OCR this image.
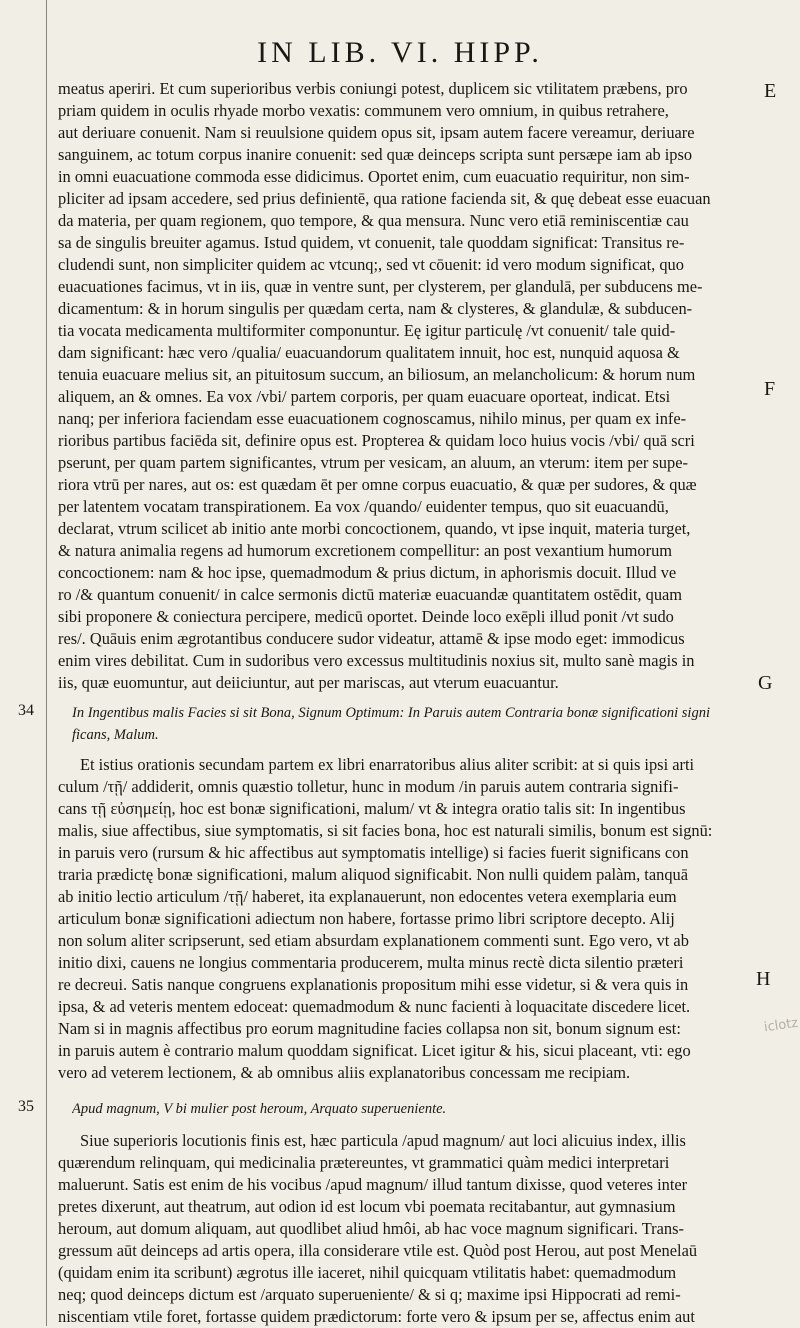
IN LIB. VI. HIPP.
meatus aperiri. Et cum superioribus verbis coniungi potest, duplicem sic vtilitatem præbens, pro
priam quidem in oculis rhyade morbo vexatis: communem vero omnium, in quibus retrahere,
aut deriuare conuenit. Nam si reuulsione quidem opus sit, ipsam autem facere vereamur, deriuare
sanguinem, ac totum corpus inanire conuenit: sed quæ deinceps scripta sunt persæpe iam ab ipso
in omni euacuatione commoda esse didicimus. Oportet enim, cum euacuatio requiritur, non sim-
pliciter ad ipsam accedere, sed prius definientē, qua ratione facienda sit, & quę debeat esse euacuan
da materia, per quam regionem, quo tempore, & qua mensura. Nunc vero etiā reminiscentiæ cau
sa de singulis breuiter agamus. Istud quidem, vt conuenit, tale quoddam significat: Transitus re-
cludendi sunt, non simpliciter quidem ac vtcunq;, sed vt cōuenit: id vero modum significat, quo
euacuationes facimus, vt in iis, quæ in ventre sunt, per clysterem, per glandulā, per subducens me-
dicamentum: & in horum singulis per quædam certa, nam & clysteres, & glandulæ, & subducen-
tia vocata medicamenta multiformiter componuntur. Eę igitur particulę /vt conuenit/ tale quid-
dam significant: hæc vero /qualia/ euacuandorum qualitatem innuit, hoc est, nunquid aquosa &
tenuia euacuare melius sit, an pituitosum succum, an biliosum, an melancholicum: & horum num
aliquem, an & omnes. Ea vox /vbi/ partem corporis, per quam euacuare oporteat, indicat. Etsi
nanq; per inferiora faciendam esse euacuationem cognoscamus, nihilo minus, per quam ex infe-
rioribus partibus faciēda sit, definire opus est. Propterea & quidam loco huius vocis /vbi/ quā scri
pserunt, per quam partem significantes, vtrum per vesicam, an aluum, an vterum: item per supe-
riora vtrū per nares, aut os: est quædam ēt per omne corpus euacuatio, & quæ per sudores, & quæ
per latentem vocatam transpirationem. Ea vox /quando/ euidenter tempus, quo sit euacuandū,
declarat, vtrum scilicet ab initio ante morbi concoctionem, quando, vt ipse inquit, materia turget,
& natura animalia regens ad humorum excretionem compellitur: an post vexantium humorum
concoctionem: nam & hoc ipse, quemadmodum & prius dictum, in aphorismis docuit. Illud ve
ro /& quantum conuenit/ in calce sermonis dictū materiæ euacuandæ quantitatem ostēdit, quam
sibi proponere & coniectura percipere, medicū oportet. Deinde loco exēpli illud ponit /vt sudo
res/. Quāuis enim ægrotantibus conducere sudor videatur, attamē & ipse modo eget: immodicus
enim vires debilitat. Cum in sudoribus vero excessus multitudinis noxius sit, multo sanè magis in
iis, quæ euomuntur, aut deiiciuntur, aut per mariscas, aut vterum euacuantur.
34	In Ingentibus malis Facies si sit Bona, Signum Optimum: In Paruis autem Contraria bonæ significationi signi
ficans, Malum.
Et istius orationis secundam partem ex libri enarratoribus alius aliter scribit: at si quis ipsi arti
culum /τῇ/ addiderit, omnis quæstio tolletur, hunc in modum /in paruis autem contraria signifi-
cans τῇ εὐσημείῃ, hoc est bonæ significationi, malum/ vt & integra oratio talis sit: In ingentibus
malis, siue affectibus, siue symptomatis, si sit facies bona, hoc est naturali similis, bonum est signū:
in paruis vero (rursum & hic affectibus aut symptomatis intellige) si facies fuerit significans con
traria prædictę bonæ significationi, malum aliquod significabit. Non nulli quidem palàm, tanquā
ab initio lectio articulum /τῇ/ haberet, ita explanauerunt, non edocentes vetera exemplaria eum
articulum bonæ significationi adiectum non habere, fortasse primo libri scriptore decepto. Alij
non solum aliter scripserunt, sed etiam absurdam explanationem commenti sunt. Ego vero, vt ab
initio dixi, cauens ne longius commentaria producerem, multa minus rectè dicta silentio præteri
re decreui. Satis nanque congruens explanationis propositum mihi esse videtur, si & vera quis in
ipsa, & ad veteris mentem edoceat: quemadmodum & nunc facienti à loquacitate discedere licet.
Nam si in magnis affectibus pro eorum magnitudine facies collapsa non sit, bonum signum est:
in paruis autem è contrario malum quoddam significat. Licet igitur & his, sicui placeant, vti: ego
vero ad veterem lectionem, & ab omnibus aliis explanatoribus concessam me recipiam.
35	Apud magnum, V bi mulier post heroum, Arquato superueniente.
Siue superioris locutionis finis est, hæc particula /apud magnum/ aut loci alicuius index, illis
quærendum relinquam, qui medicinalia prætereuntes, vt grammatici quàm medici interpretari
maluerunt. Satis est enim de his vocibus /apud magnum/ illud tantum dixisse, quod veteres inter
pretes dixerunt, aut theatrum, aut odion id est locum vbi poemata recitabantur, aut gymnasium
heroum, aut domum aliquam, aut quodlibet aliud hmôi, ab hac voce magnum significari. Trans-
gressum aūt deinceps ad artis opera, illa considerare vtile est. Quòd post Herou, aut post Menelaū
(quidam enim ita scribunt) ægrotus ille iaceret, nihil quicquam vtilitatis habet: quemadmodum
neq; quod deinceps dictum est /arquato superueniente/ & si q; maxime ipsi Hippocrati ad remi-
niscentiam vtile foret, fortasse quidem prædictorum: forte vero & ipsum per se, affectus enim aut
E
F
G
H
iclotz
